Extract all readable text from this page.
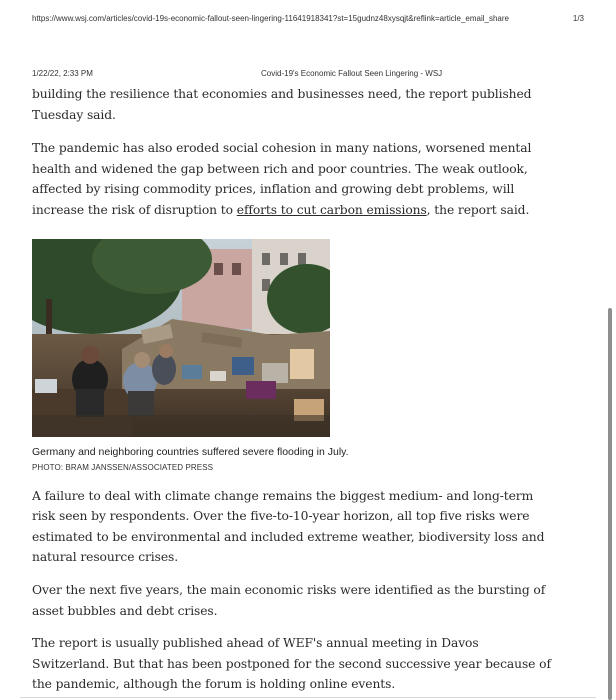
https://www.wsj.com/articles/covid-19s-economic-fallout-seen-lingering-11641918341?st=15gudnz48xysqjt&reflink=article_email_share	1/3
1/22/22, 2:33 PM	Covid-19's Economic Fallout Seen Lingering - WSJ

building the resilience that economies and businesses need, the report published Tuesday said.

The pandemic has also eroded social cohesion in many nations, worsened mental health and widened the gap between rich and poor countries. The weak outlook, affected by rising commodity prices, inflation and growing debt problems, will increase the risk of disruption to efforts to cut carbon emissions, the report said.

Germany and neighboring countries suffered severe flooding in July.
PHOTO: BRAM JANSSEN/ASSOCIATED PRESS

A failure to deal with climate change remains the biggest medium- and long-term risk seen by respondents. Over the five-to-10-year horizon, all top five risks were estimated to be environmental and included extreme weather, biodiversity loss and natural resource crises.

Over the next five years, the main economic risks were identified as the bursting of asset bubbles and debt crises.

The report is usually published ahead of WEF's annual meeting in Davos Switzerland. But that has been postponed for the second successive year because of the pandemic, although the forum is holding online events.
